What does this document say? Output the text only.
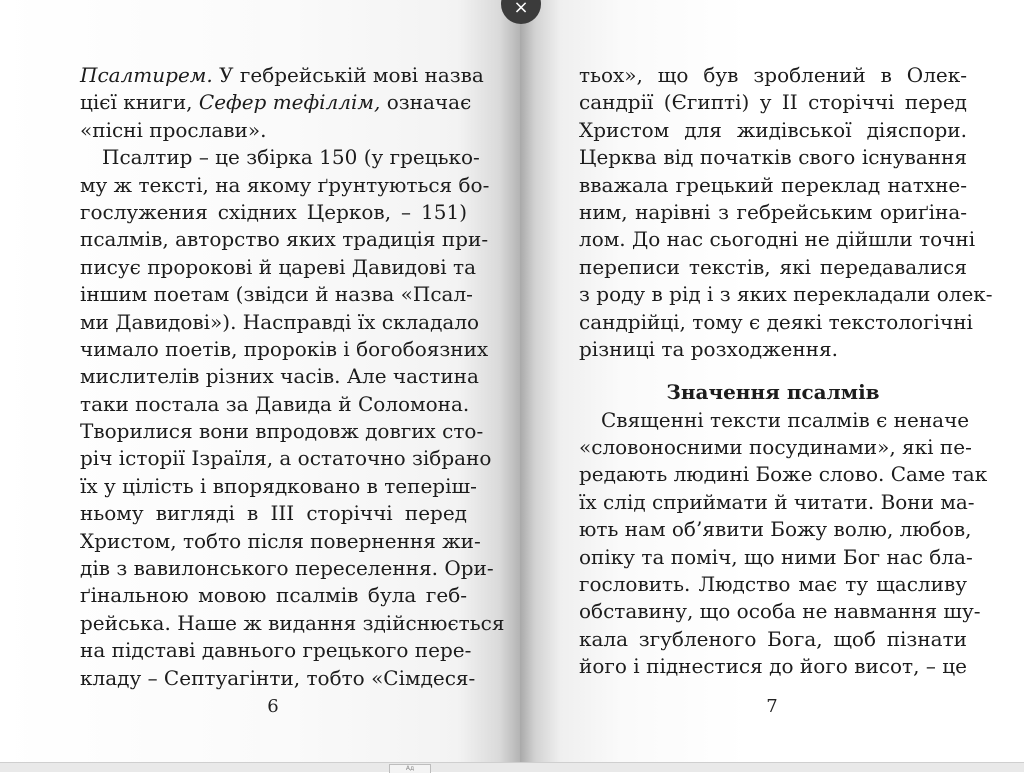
Псалтирем. У гебрейській мові назва
цієї книги, Сефер тефіллім, означає
«пісні прослави».
Псалтир – це збірка 150 (у грецько-
му ж тексті, на якому ґрунтуються бо-
гослужения східних Церков, – 151)
псалмів, авторство яких традиція при-
писує пророкові й цареві Давидові та
іншим поетам (звідси й назва «Псал-
ми Давидові»). Насправді їх складало
чимало поетів, пророків і богобоязних
мислителів різних часів. Але частина
таки постала за Давида й Соломона.
Творилися вони впродовж довгих сто-
річ історії Ізраїля, а остаточно зібрано
їх у цілість і впорядковано в теперіш-
ньому вигляді в III сторіччі перед
Христом, тобто після повернення жи-
дів з вавилонського переселення. Ори-
ґінальною мовою псалмів була геб-
рейська. Наше ж видання здійснюється
на підставі давнього грецького пере-
кладу – Септуагінти, тобто «Сімдеся-
6
тьох», що був зроблений в Олек-
сандрії (Єгипті) у II сторіччі перед
Христом для жидівської діяспори.
Церква від початків свого існування
вважала грецький переклад натхне-
ним, нарівні з гебрейським ориґіна-
лом. До нас сьогодні не дійшли точні
переписи текстів, які передавалися
з роду в рід і з яких перекладали олек-
сандрійці, тому є деякі текстологічні
різниці та розходження.
Значення псалмів
Священні тексти псалмів є неначе
«словоносними посудинами», які пе-
редають людині Боже слово. Саме так
їх слід сприймати й читати. Вони ма-
ють нам об’явити Божу волю, любов,
опіку та поміч, що ними Бог нас бла-
гословить. Людство має ту щасливу
обставину, що особа не навмання шу-
кала згубленого Бога, щоб пізнати
його і піднестися до його висот, – це
7
×
Ад
